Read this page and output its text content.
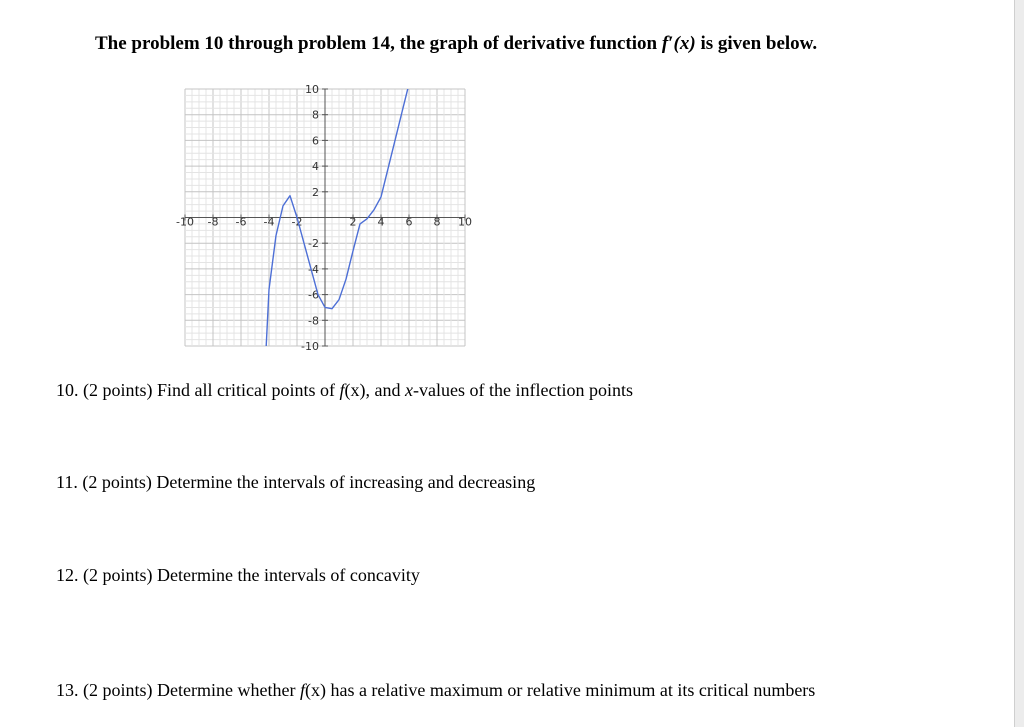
The problem 10 through problem 14, the graph of derivative function f′(x) is given below.

-10 -8 -6 -4 -2	2 4 6 8 10
10
8
6
4
2
-2
-4
-6
-8
-10

10. (2 points) Find all critical points of f(x), and x-values of the inflection points

11. (2 points) Determine the intervals of increasing and decreasing

12. (2 points) Determine the intervals of concavity

13. (2 points) Determine whether f(x) has a relative maximum or relative minimum at its critical numbers
